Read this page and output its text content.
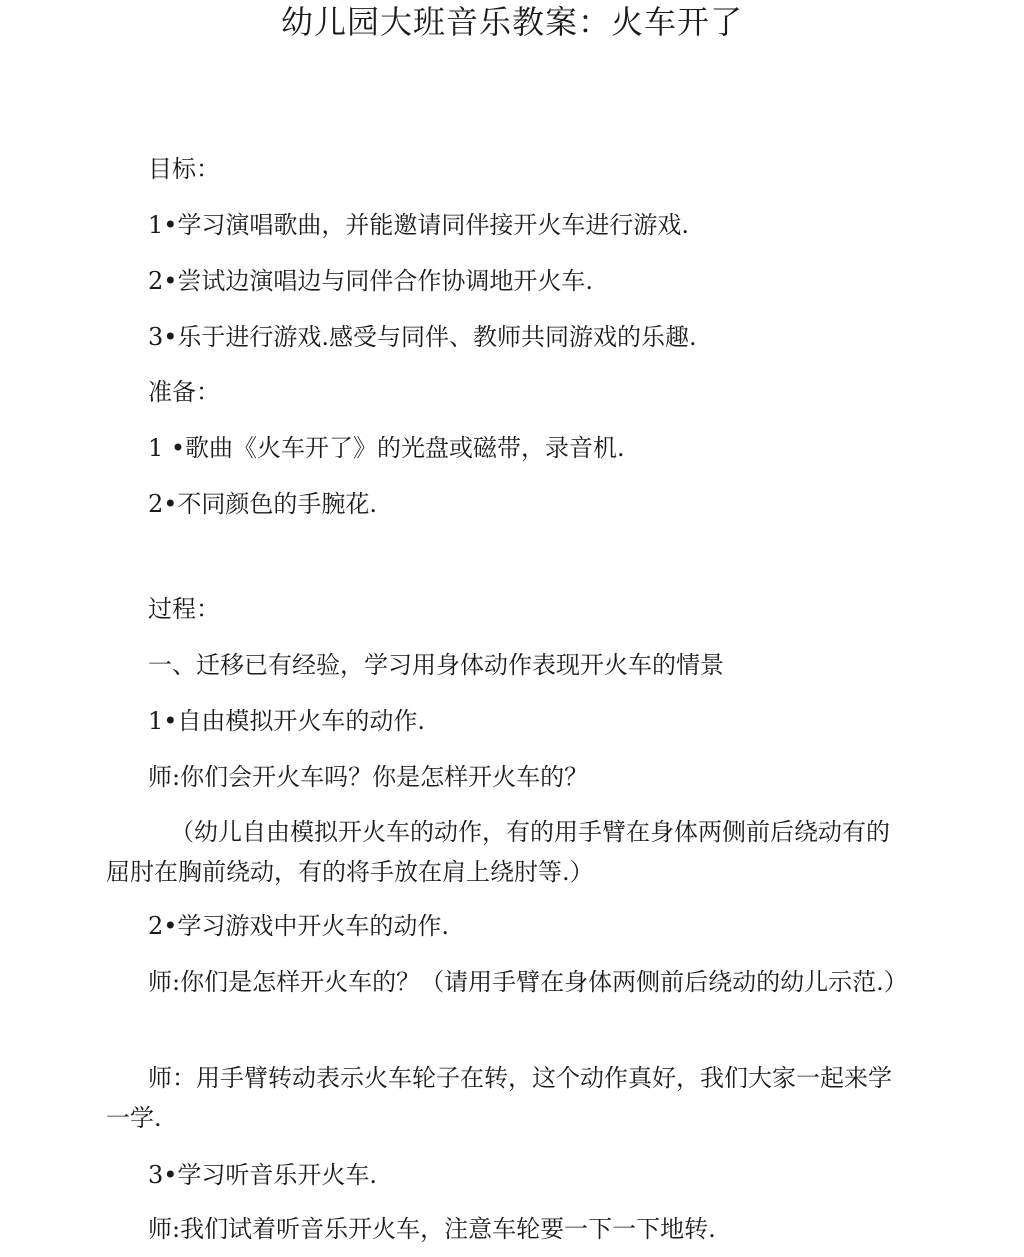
幼儿园大班音乐教案：火车开了

目标：

1•学习演唱歌曲，并能邀请同伴接开火车进行游戏.

2•尝试边演唱边与同伴合作协调地开火车.

3•乐于进行游戏.感受与同伴、教师共同游戏的乐趣.

准备：

1 •歌曲《火车开了》的光盘或磁带，录音机.

2•不同颜色的手腕花.

过程：

一、迁移已有经验，学习用身体动作表现开火车的情景

1•自由模拟开火车的动作.

师:你们会开火车吗？你是怎样开火车的？

（幼儿自由模拟开火车的动作，有的用手臂在身体两侧前后绕动有的屈肘在胸前绕动，有的将手放在肩上绕肘等.）

2•学习游戏中开火车的动作.

师:你们是怎样开火车的？（请用手臂在身体两侧前后绕动的幼儿示范.）

师：用手臂转动表示火车轮子在转，这个动作真好，我们大家一起来学一学.

3•学习听音乐开火车.

师:我们试着听音乐开火车，注意车轮要一下一下地转.
